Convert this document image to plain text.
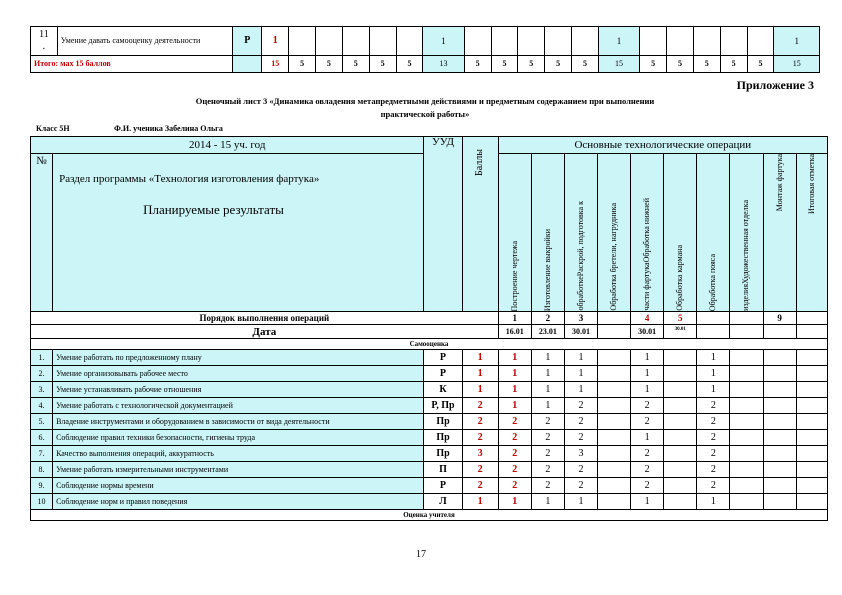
11
.	Умение давать самооценку деятельности	Р	1						1						1						1
Итого: мах 15 баллов			15	5	5	5	5	5	13	5	5	5	5	5	15	5	5	5	5	5	15
Приложение 3
Оценочный лист 3 «Динамика овладения метапредметными действиями и предметным содержанием при выполнении
практической работы»
Класс 5Н	Ф.И. ученика Забелина Ольга
2014 - 15 уч. год		УУД	Баллы	Основные технологические операции									
№	Раздел программы «Технология изготовления фартука»
Планируемые результаты			Построение чертежа	Изготовление выкройки	обработкеРаскрой, подготовка к	Обработка бретели, нагрудника	части фартукаОбработка нижней	Обработка кармана	Обработка пояса	изделияХудожественная отделка	Монтаж фартука	Итоговая отметка

Порядок выполнения операций				1	2	3		4	5			9	
Дата				16.01	23.01	30.01		30.01	30.01				
Самооценка													
1.	Умение работать по предложенному плану	Р	1	1	1	1		1		1			
2.	Умение организовывать рабочее место	Р	1	1	1	1		1		1			
3.	Умение устанавливать рабочие отношения	К	1	1	1	1		1		1			
4.	Умение работать с технологической документацией	Р, Пр	2	1	1	2		2		2			
5.	Владение инструментами и оборудованием в зависимости от вида деятельности	Пр	2	2	2	2		2		2			
6.	Соблюдение правил техники безопасности, гигиены труда	Пр	2	2	2	2		1		2			
7.	Качество выполнения операций, аккуратность	Пр	3	2	2	3		2		2			
8.	Умение работать измерительными инструментами	П	2	2	2	2		2		2			
9.	Соблюдение нормы времени	Р	2	2	2	2		2		2			
10	Соблюдение норм и правил поведения	Л	1	1	1	1		1		1			
Оценка учителя													
17
